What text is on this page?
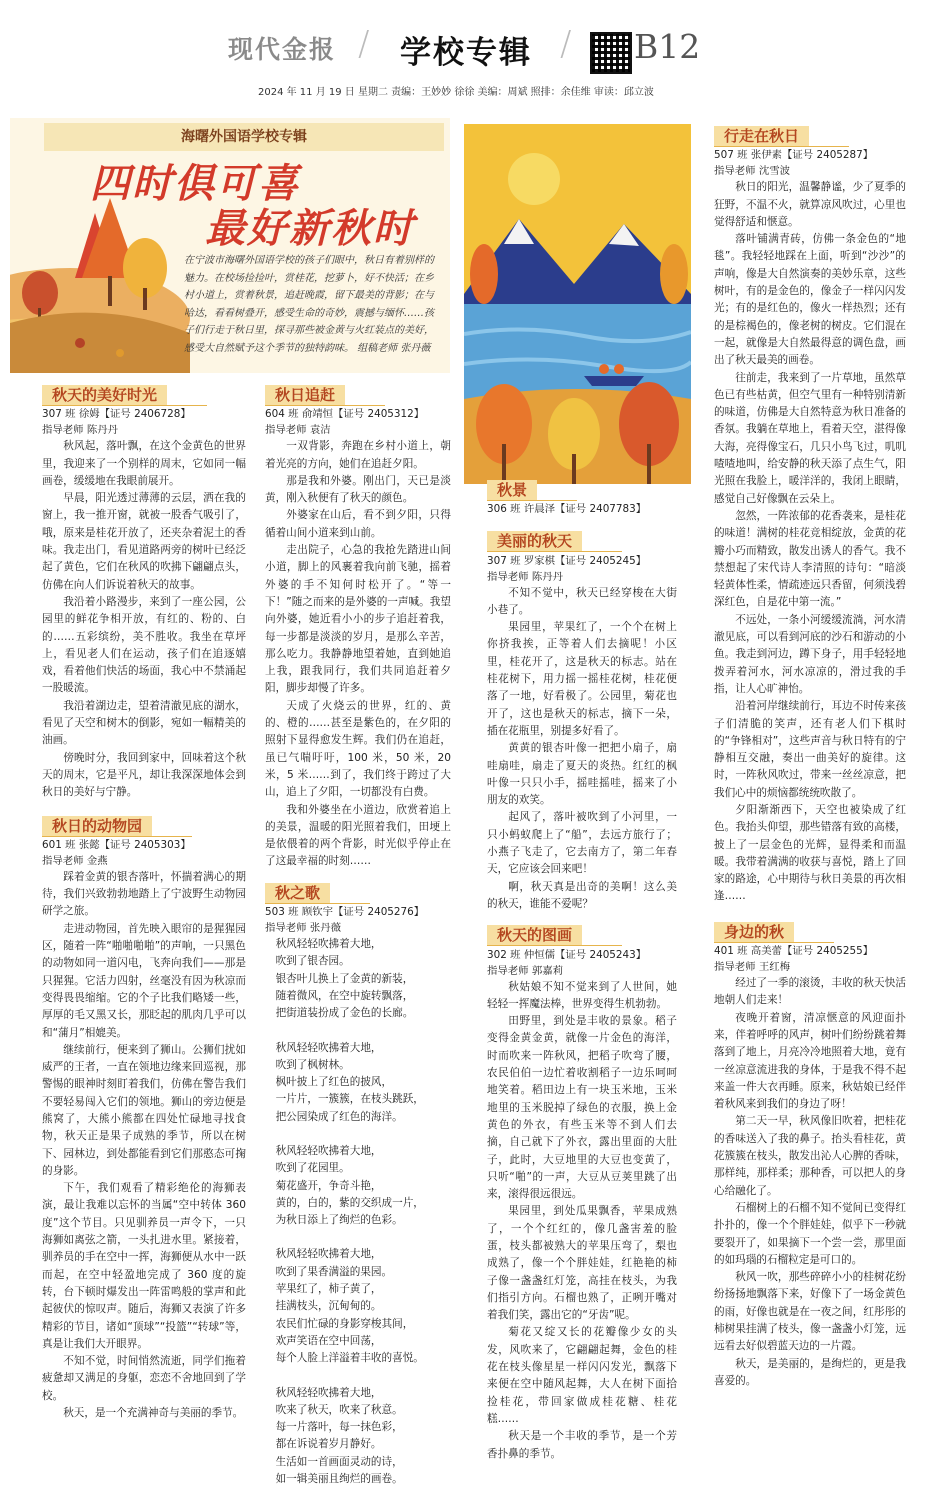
现代金报 / 学校专辑 / B12
2024 年 11 月 19 日 星期二 责编：王妙妙 徐徐 美编：周斌 照排：余佳维 审读：邱立波
海曙外国语学校专辑
四时俱可喜
最好新秋时
在宁波市海曙外国语学校的孩子们眼中，秋日有着别样的魅力。在校场捡捡叶，赏桂花，挖萝卜，好不快活；在乡村小道上，赏着秋景，追赶晚霞，留下最美的背影；在与哈达，看看树叠开，感受生命的奇妙，震撼与缅怀……孩子们行走于秋日里，探寻那些被金黄与火红装点的美好，感受大自然赋予这个季节的独特韵味。 组稿老师 张丹薇
秋天的美好时光
307 班 徐姆【证号 2406728】
指导老师 陈丹丹

秋风起，落叶飘，在这个金黄色的世界里，我迎来了一个别样的周末，它如同一幅画卷，缓缓地在我眼前展开。

早晨，阳光透过薄薄的云层，洒在我的窗上，我一推开窗，就被一股香气吸引了，哦，原来是桂花开放了，还夹杂着泥土的香味。我走出门，看见道路两旁的树叶已经泛起了黄色，它们在秋风的吹拂下翩翩点头，仿佛在向人们诉说着秋天的故事。

我沿着小路漫步，来到了一座公园，公园里的鲜花争相开放，有红的、粉的、白的……五彩缤纷，美不胜收。我坐在草坪上，看见老人们在运动，孩子们在追逐嬉戏，看着他们快活的场面，我心中不禁涌起一股暖流。

我沿着湖边走，望着清澈见底的湖水，看见了天空和树木的倒影，宛如一幅精美的油画。

傍晚时分，我回到家中，回味着这个秋天的周末，它是平凡，却让我深深地体会到秋日的美好与宁静。

秋日的动物园
601 班 张懿【证号 2405303】
指导老师 金燕

踩着金黄的银杏落叶，怀揣着满心的期待，我们兴致勃勃地踏上了宁波野生动物园研学之旅。

走进动物园，首先映入眼帘的是猩猩园区，随着一阵“啪啪啪啪”的声响，一只黑色的动物如同一道闪电，飞奔向我们——那是只猩猩。它活力四射，丝毫没有因为秋凉而变得畏畏缩缩。它的个子比我们略矮一些，厚厚的毛又黑又长，那眨起的肌肉几乎可以和“蒲月”相媲美。

继续前行，便来到了狮山。公狮们扰如威严的王者，一直在领地边缘来回巡视，那警惕的眼神时刻盯着我们，仿佛在警告我们不要轻易闯入它们的领地。狮山的旁边便是熊窝了，大熊小熊都在四处忙碌地寻找食物，秋天正是果子成熟的季节，所以在树下、园林边，到处都能看到它们那憨态可掬的身影。

下午，我们观看了精彩绝伦的海狮表演，最让我难以忘怀的当属“空中转体 360 度”这个节目。只见驯养员一声令下，一只海狮如离弦之箭，一头扎进水里。紧接着，驯养员的手在空中一挥，海狮便从水中一跃而起，在空中轻盈地完成了 360 度的旋转，台下顿时爆发出一阵雷鸣般的掌声和此起彼伏的惊叹声。随后，海狮又表演了许多精彩的节目，诸如“顶球”“投篮”“转球”等，真是让我们大开眼界。

不知不觉，时间悄然流逝，同学们拖着疲惫却又满足的身躯，恋恋不舍地回到了学校。

秋天，是一个充满神奇与美丽的季节。

秋日追赶
604 班 俞靖恒【证号 2405312】
指导老师 袁洁

一双背影，奔跑在乡村小道上，朝着光亮的方向，她们在追赶夕阳。

那是我和外婆。刚出门，天已是淡黄，刚入秋便有了秋天的颜色。

外婆家在山后，看不到夕阳，只得循着山间小道来到山前。

走出院子，心急的我抢先踏进山间小道，脚上的风裹着我向前飞驰，摇着外婆的手不知何时松开了。“等一下！”随之而来的是外婆的一声喊。我望向外婆，她近看小小的步子追赶着我，每一步都是淡淡的岁月，是那么辛苦，那么吃力。我静静地望着她，直到她追上我，跟我同行，我们共同追赶着夕阳，脚步却慢了许多。

天成了火烧云的世界，红的、黄的、橙的……甚至是紫色的，在夕阳的照射下显得愈发生辉。我们仍在追赶，虽已气喘吁吁，100 米，50 米，20 米，5 米……到了，我们终于跨过了大山，追上了夕阳，一切都没有白费。

我和外婆坐在小道边，欣赏着追上的美景，温暖的阳光照着我们，田埂上是依偎着的两个背影，时光似乎停止在了这最幸福的时刻……

秋之歌
503 班 顾钦宇【证号 2405276】
指导老师 张丹薇

秋风轻轻吹拂着大地，

吹到了银杏园。

银杏叶儿换上了金黄的新装，

随着微风，在空中旋转飘落，

把街道装扮成了金色的长廊。

秋风轻轻吹拂着大地，

吹到了枫树林。

枫叶披上了红色的披风，

一片片，一簇簇，在枝头跳跃，

把公园染成了红色的海洋。

秋风轻轻吹拂着大地，

吹到了花园里。

菊花盛开，争奇斗艳，

黄的，白的，紫的交织成一片，

为秋日添上了绚烂的色彩。

秋风轻轻吹拂着大地，

吹到了果香满溢的果园。

苹果红了，柿子黄了，

挂满枝头，沉甸甸的。

农民们忙碌的身影穿梭其间，

欢声笑语在空中回荡，

每个人脸上洋溢着丰收的喜悦。

秋风轻轻吹拂着大地，

吹来了秋天，吹来了秋意。

每一片落叶，每一抹色彩，

都在诉说着岁月静好。

生活如一首画面灵动的诗，

如一辑美丽且绚烂的画卷。

秋景
306 班 许晨泽【证号 2407783】
美丽的秋天
307 班 罗家棋【证号 2405245】
指导老师 陈丹丹

不知不觉中，秋天已经穿梭在大街小巷了。

果园里，苹果红了，一个个在树上你挤我挨，正等着人们去摘呢！小区里，桂花开了，这是秋天的标志。站在桂花树下，用力摇一摇桂花树，桂花便落了一地，好看极了。公园里，菊花也开了，这也是秋天的标志，摘下一朵，插在花瓶里，别提多好看了。

黄黄的银杏叶像一把把小扇子，扇哇扇哇，扇走了夏天的炎热。红红的枫叶像一只只小手，摇哇摇哇，摇来了小朋友的欢笑。

起风了，落叶被吹到了小河里，一只小蚂蚁爬上了“船”，去远方旅行了；小燕子飞走了，它去南方了，第二年春天，它应该会回来吧！

啊，秋天真是出奇的美啊！这么美的秋天，谁能不爱呢？

秋天的图画
302 班 仲恒儒【证号 2405243】
指导老师 郭嘉莉

秋姑娘不知不觉来到了人世间，她轻轻一挥魔法棒，世界变得生机勃勃。

田野里，到处是丰收的景象。稻子变得金黄金黄，就像一片金色的海洋，时而吹来一阵秋风，把稻子吹弯了腰，农民伯伯一边忙着收割稻子一边乐呵呵地笑着。稻田边上有一块玉米地，玉米地里的玉米脱掉了绿色的衣服，换上金黄色的外衣，有些玉米等不到人们去摘，自己就下了外衣，露出里面的大肚子，此时，大豆地里的大豆也变黄了，只听“啪”的一声，大豆从豆荚里跳了出来，滚得很远很远。

果园里，到处瓜果飘香，苹果成熟了，一个个红红的，像几盏害羞的脸蛋，枝头都被熟大的苹果压弯了，梨也成熟了，像一个个胖娃娃，红艳艳的柿子像一盏盏红灯笼，高挂在枝头，为我们指引方向。石榴也熟了，正咧开嘴对着我们笑，露出它的“牙齿”呢。

菊花又绽又长的花瓣像少女的头发，风吹来了，它翩翩起舞，金色的桂花在枝头像星星一样闪闪发光，飘落下来便在空中随风起舞，大人在树下面拾捡桂花，带回家做成桂花糖、桂花糕……

秋天是一个丰收的季节，是一个芳香扑鼻的季节。

行走在秋日
507 班 张伊素【证号 2405287】
指导老师 沈雪波

秋日的阳光，温馨静谧，少了夏季的狂野，不温不火，就算凉风吹过，心里也觉得舒适和惬意。

落叶铺满青砖，仿佛一条金色的“地毯”。我轻轻地踩在上面，听到“沙沙”的声响，像是大自然演奏的美妙乐章，这些树叶，有的是金色的，像金子一样闪闪发光；有的是红色的，像火一样热烈；还有的是棕褐色的，像老树的树皮。它们混在一起，就像是大自然最得意的调色盘，画出了秋天最美的画卷。

往前走，我来到了一片草地，虽然草色已有些枯黄，但空气里有一种特别清新的味道，仿佛是大自然特意为秋日准备的香氛。我躺在草地上，看着天空，湛得像大海，亮得像宝石，几只小鸟飞过，叽叽喳喳地叫，给安静的秋天添了点生气，阳光照在我脸上，暖洋洋的，我闭上眼睛，感觉自己好像飘在云朵上。

忽然，一阵浓郁的花香袭来，是桂花的味道！满树的桂花竞相绽放，金黄的花瓣小巧而精致，散发出诱人的香气。我不禁想起了宋代诗人李清照的诗句：“暗淡轻黄体性柔，情疏迹远只香留，何须浅碧深红色，自是花中第一流。”

不远处，一条小河缓缓流淌，河水清澈见底，可以看到河底的沙石和游动的小鱼。我走到河边，蹲下身子，用手轻轻地拨弄着河水，河水凉凉的，滑过我的手指，让人心旷神怡。

沿着河岸继续前行，耳边不时传来孩子们清脆的笑声，还有老人们下棋时的“争锋相对”，这些声音与秋日特有的宁静相互交融，奏出一曲美好的旋律。这时，一阵秋风吹过，带来一丝丝凉意，把我们心中的烦恼都统统吹散了。

夕阳渐渐西下，天空也被染成了红色。我抬头仰望，那些错落有致的高楼，披上了一层金色的光辉，显得柔和而温暖。我带着满满的收获与喜悦，踏上了回家的路途，心中期待与秋日美景的再次相逢……

身边的秋
401 班 高美蕾【证号 2405255】
指导老师 王红梅

经过了一季的滚烫，丰收的秋天快活地朝人们走来！

夜晚开着窗，清凉惬意的风迎面扑来，伴着呼呼的风声，树叶们纷纷跳着舞落到了地上，月亮冷冷地照着大地，竟有一丝凉意流进我的身体，于是我不得不起来盖一件大衣再睡。原来，秋姑娘已经伴着秋风来到我们的身边了呀！

第二天一早，秋风像旧吹着，把桂花的香味送入了我的鼻子。抬头看桂花，黄花簇簇在枝头，散发出沁人心脾的香味，那样纯，那样柔；那种香，可以把人的身心给融化了。

石榴树上的石榴不知不觉间已变得红扑扑的，像一个个胖娃娃，似乎下一秒就要裂开了，如果摘下一个尝一尝，那里面的如玛瑙的石榴粒定是可口的。

秋风一吹，那些碎碎小小的桂树花纷纷扬扬地飘落下来，好像下了一场金黄色的雨，好像也就是在一夜之间，红彤彤的柿树果挂满了枝头，像一盏盏小灯笼，远远看去好似碧蓝天边的一片霞。

秋天，是美丽的，是绚烂的，更是我喜爱的。
